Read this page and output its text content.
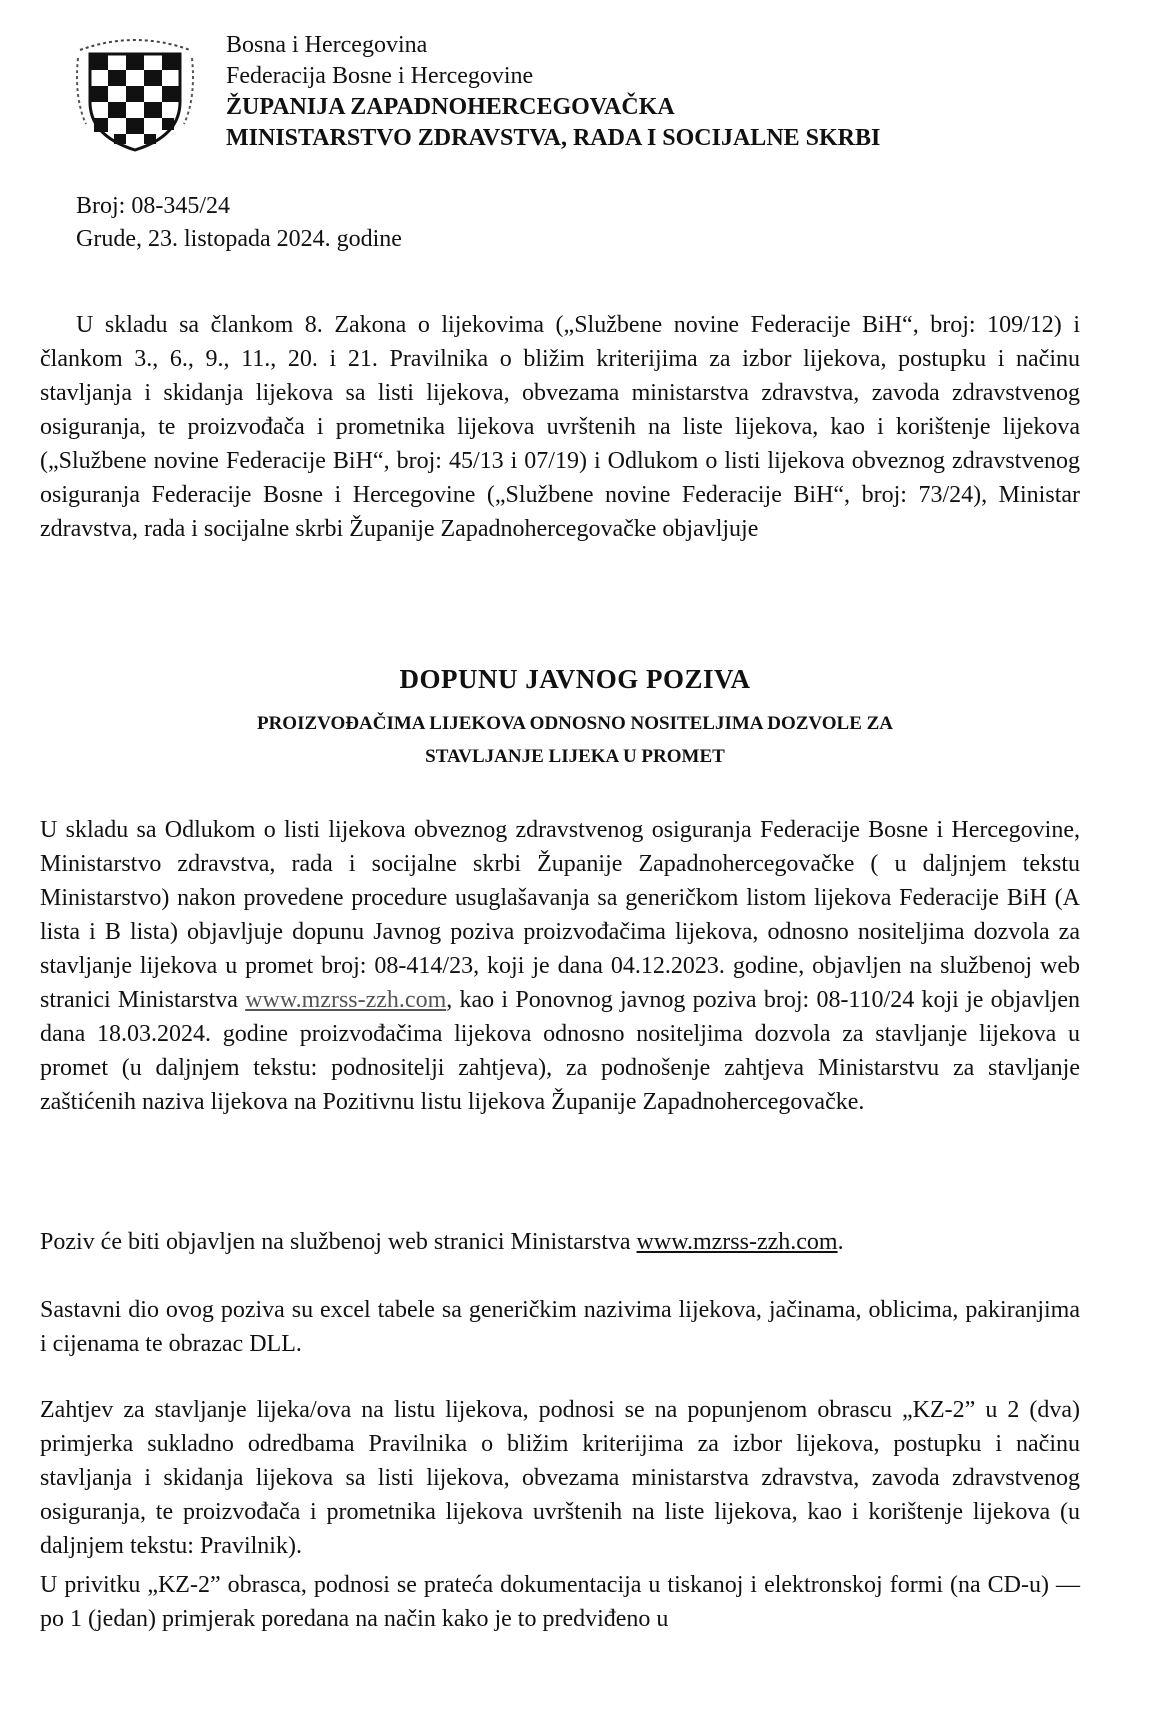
Bosna i Hercegovina
Federacija Bosne i Hercegovine
ŽUPANIJA ZAPADNOHERCEGOVAČKA
MINISTARSTVO ZDRAVSTVA, RADA I SOCIJALNE SKRBI
Broj: 08-345/24
Grude, 23. listopada 2024. godine

U skladu sa člankom 8. Zakona o lijekovima („Službene novine Federacije BiH“, broj: 109/12) i člankom 3., 6., 9., 11., 20. i 21. Pravilnika o bližim kriterijima za izbor lijekova, postupku i načinu stavljanja i skidanja lijekova sa listi lijekova, obvezama ministarstva zdravstva, zavoda zdravstvenog osiguranja, te proizvođača i prometnika lijekova uvrštenih na liste lijekova, kao i korištenje lijekova („Službene novine Federacije BiH“, broj: 45/13 i 07/19) i Odlukom o listi lijekova obveznog zdravstvenog osiguranja Federacije Bosne i Hercegovine („Službene novine Federacije BiH“, broj: 73/24), Ministar zdravstva, rada i socijalne skrbi Županije Zapadnohercegovačke objavljuje

DOPUNU JAVNOG POZIVA
PROIZVOĐAČIMA LIJEKOVA ODNOSNO NOSITELJIMA DOZVOLE ZA
STAVLJANJE LIJEKA U PROMET

U skladu sa Odlukom o listi lijekova obveznog zdravstvenog osiguranja Federacije Bosne i Hercegovine, Ministarstvo zdravstva, rada i socijalne skrbi Županije Zapadnohercegovačke ( u daljnjem tekstu Ministarstvo) nakon provedene procedure usuglašavanja sa generičkom listom lijekova Federacije BiH (A lista i B lista) objavljuje dopunu Javnog poziva proizvođačima lijekova, odnosno nositeljima dozvola za stavljanje lijekova u promet broj: 08-414/23, koji je dana 04.12.2023. godine, objavljen na službenoj web stranici Ministarstva www.mzrss-zzh.com, kao i Ponovnog javnog poziva broj: 08-110/24 koji je objavljen dana 18.03.2024. godine proizvođačima lijekova odnosno nositeljima dozvola za stavljanje lijekova u promet (u daljnjem tekstu: podnositelji zahtjeva), za podnošenje zahtjeva Ministarstvu za stavljanje zaštićenih naziva lijekova na Pozitivnu listu lijekova Županije Zapadnohercegovačke.

Poziv će biti objavljen na službenoj web stranici Ministarstva www.mzrss-zzh.com.

Sastavni dio ovog poziva su excel tabele sa generičkim nazivima lijekova, jačinama, oblicima, pakiranjima i cijenama te obrazac DLL.

Zahtjev za stavljanje lijeka/ova na listu lijekova, podnosi se na popunjenom obrascu „KZ-2” u 2 (dva) primjerka sukladno odredbama Pravilnika o bližim kriterijima za izbor lijekova, postupku i načinu stavljanja i skidanja lijekova sa listi lijekova, obvezama ministarstva zdravstva, zavoda zdravstvenog osiguranja, te proizvođača i prometnika lijekova uvrštenih na liste lijekova, kao i korištenje lijekova (u daljnjem tekstu: Pravilnik).

U privitku „KZ-2” obrasca, podnosi se prateća dokumentacija u tiskanoj i elektronskoj formi (na CD-u) — po 1 (jedan) primjerak poredana na način kako je to predviđeno u
